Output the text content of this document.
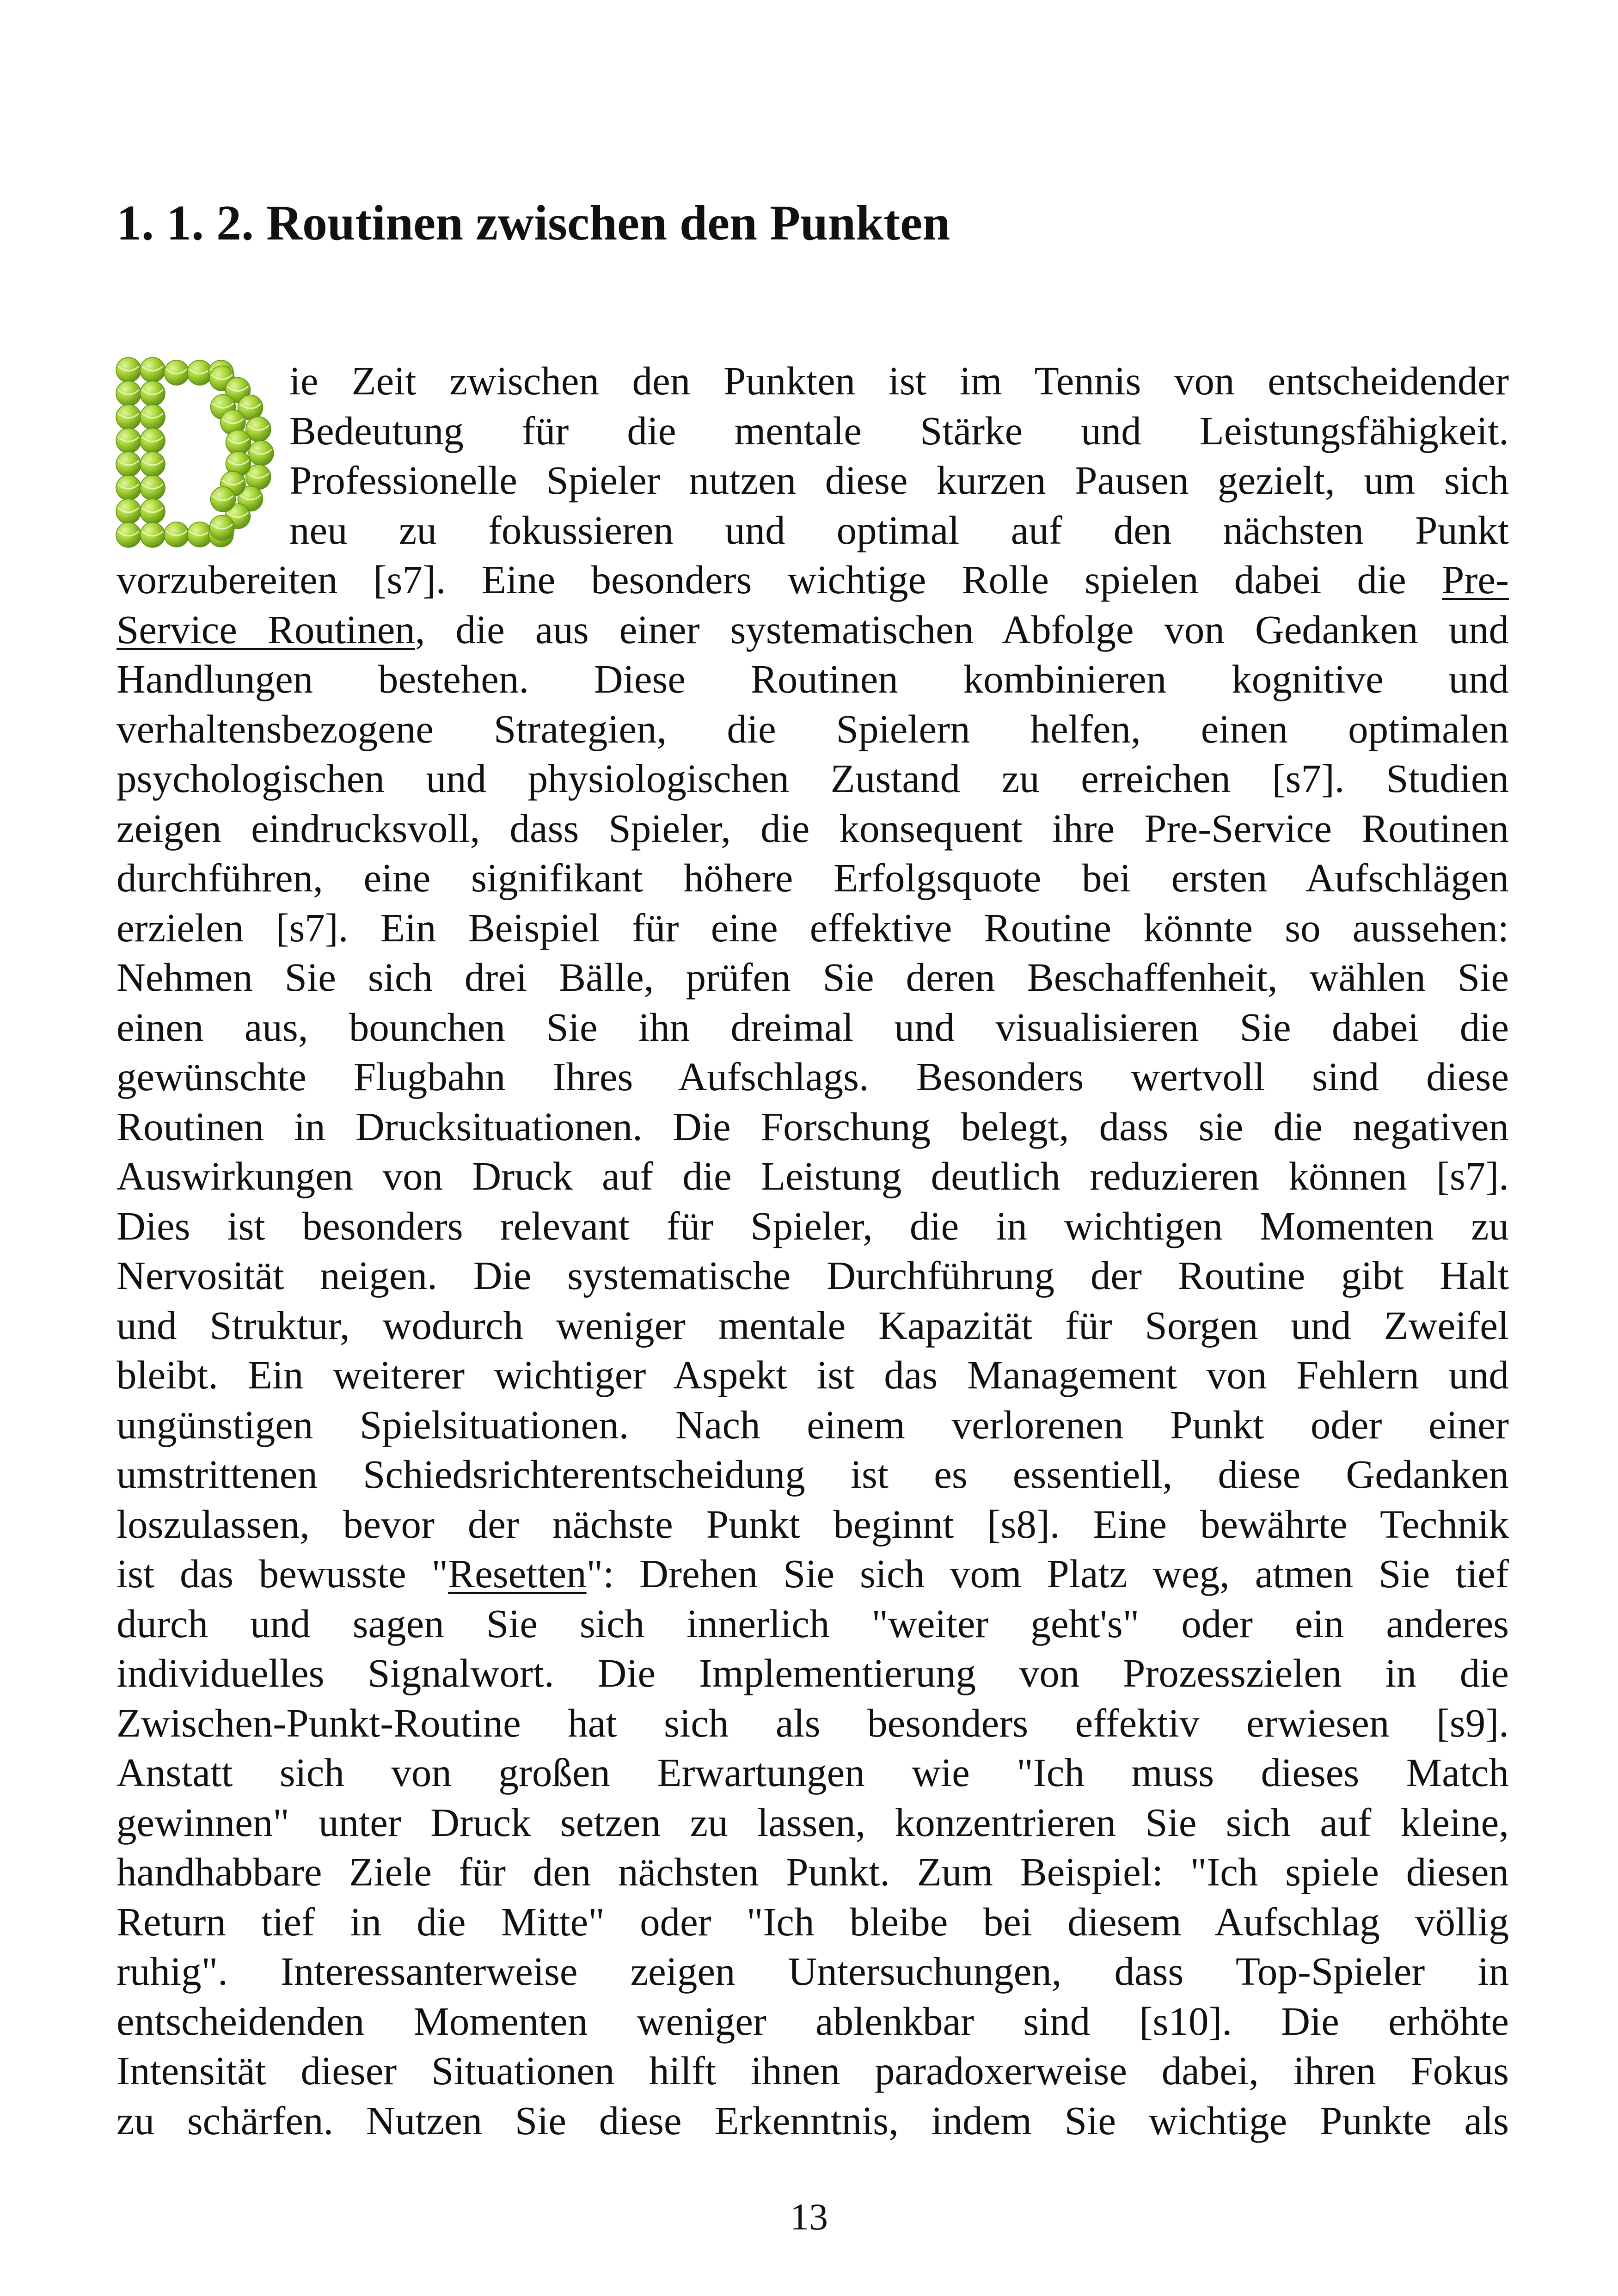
1. 1. 2. Routinen zwischen den Punkten
ie Zeit zwischen den Punkten ist im Tennis von entscheidender
Bedeutung für die mentale Stärke und Leistungsfähigkeit.
Professionelle Spieler nutzen diese kurzen Pausen gezielt, um sich
neu zu fokussieren und optimal auf den nächsten Punkt
vorzubereiten [s7]. Eine besonders wichtige Rolle spielen dabei die Pre-
Service Routinen, die aus einer systematischen Abfolge von Gedanken und
Handlungen bestehen. Diese Routinen kombinieren kognitive und
verhaltensbezogene Strategien, die Spielern helfen, einen optimalen
psychologischen und physiologischen Zustand zu erreichen [s7]. Studien
zeigen eindrucksvoll, dass Spieler, die konsequent ihre Pre-Service Routinen
durchführen, eine signifikant höhere Erfolgsquote bei ersten Aufschlägen
erzielen [s7]. Ein Beispiel für eine effektive Routine könnte so aussehen:
Nehmen Sie sich drei Bälle, prüfen Sie deren Beschaffenheit, wählen Sie
einen aus, bounchen Sie ihn dreimal und visualisieren Sie dabei die
gewünschte Flugbahn Ihres Aufschlags. Besonders wertvoll sind diese
Routinen in Drucksituationen. Die Forschung belegt, dass sie die negativen
Auswirkungen von Druck auf die Leistung deutlich reduzieren können [s7].
Dies ist besonders relevant für Spieler, die in wichtigen Momenten zu
Nervosität neigen. Die systematische Durchführung der Routine gibt Halt
und Struktur, wodurch weniger mentale Kapazität für Sorgen und Zweifel
bleibt. Ein weiterer wichtiger Aspekt ist das Management von Fehlern und
ungünstigen Spielsituationen. Nach einem verlorenen Punkt oder einer
umstrittenen Schiedsrichterentscheidung ist es essentiell, diese Gedanken
loszulassen, bevor der nächste Punkt beginnt [s8]. Eine bewährte Technik
ist das bewusste "Resetten": Drehen Sie sich vom Platz weg, atmen Sie tief
durch und sagen Sie sich innerlich "weiter geht's" oder ein anderes
individuelles Signalwort. Die Implementierung von Prozesszielen in die
Zwischen-Punkt-Routine hat sich als besonders effektiv erwiesen [s9].
Anstatt sich von großen Erwartungen wie "Ich muss dieses Match
gewinnen" unter Druck setzen zu lassen, konzentrieren Sie sich auf kleine,
handhabbare Ziele für den nächsten Punkt. Zum Beispiel: "Ich spiele diesen
Return tief in die Mitte" oder "Ich bleibe bei diesem Aufschlag völlig
ruhig". Interessanterweise zeigen Untersuchungen, dass Top-Spieler in
entscheidenden Momenten weniger ablenkbar sind [s10]. Die erhöhte
Intensität dieser Situationen hilft ihnen paradoxerweise dabei, ihren Fokus
zu schärfen. Nutzen Sie diese Erkenntnis, indem Sie wichtige Punkte als
13
